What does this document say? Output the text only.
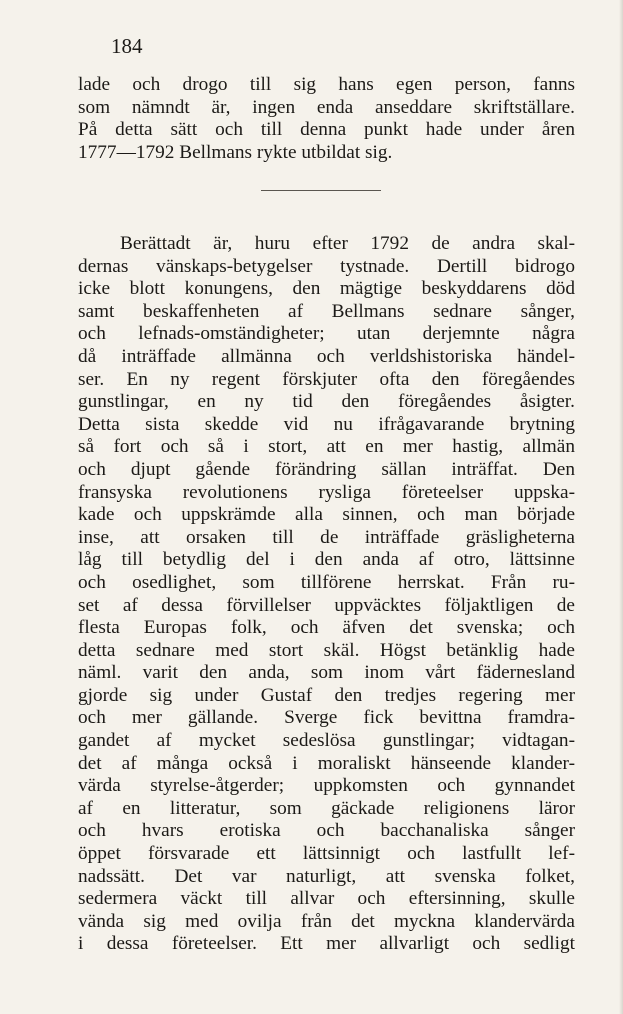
184
lade och drogo till sig hans egen person, fanns
som nämndt är, ingen enda anseddare skriftställare.
På detta sätt och till denna punkt hade under åren
1777—1792 Bellmans rykte utbildat sig.
Berättadt är, huru efter 1792 de andra skal-
dernas vänskaps-betygelser tystnade. Dertill bidrogo
icke blott konungens, den mägtige beskyddarens död
samt beskaffenheten af Bellmans sednare sånger,
och lefnads-omständigheter; utan derjemnte några
då inträffade allmänna och verldshistoriska händel-
ser. En ny regent förskjuter ofta den föregåendes
gunstlingar, en ny tid den föregåendes åsigter.
Detta sista skedde vid nu ifrågavarande brytning
så fort och så i stort, att en mer hastig, allmän
och djupt gående förändring sällan inträffat. Den
fransyska revolutionens rysliga företeelser uppska-
kade och uppskrämde alla sinnen, och man började
inse, att orsaken till de inträffade gräsligheterna
låg till betydlig del i den anda af otro, lättsinne
och osedlighet, som tillförene herrskat. Från ru-
set af dessa förvillelser uppväcktes följaktligen de
flesta Europas folk, och äfven det svenska; och
detta sednare med stort skäl. Högst betänklig hade
näml. varit den anda, som inom vårt fädernesland
gjorde sig under Gustaf den tredjes regering mer
och mer gällande. Sverge fick bevittna framdra-
gandet af mycket sedeslösa gunstlingar; vidtagan-
det af många också i moraliskt hänseende klander-
värda styrelse-åtgerder; uppkomsten och gynnandet
af en litteratur, som gäckade religionens läror
och hvars erotiska och bacchanaliska sånger
öppet försvarade ett lättsinnigt och lastfullt lef-
nadssätt. Det var naturligt, att svenska folket,
sedermera väckt till allvar och eftersinning, skulle
vända sig med ovilja från det myckna klandervärda
i dessa företeelser. Ett mer allvarligt och sedligt
